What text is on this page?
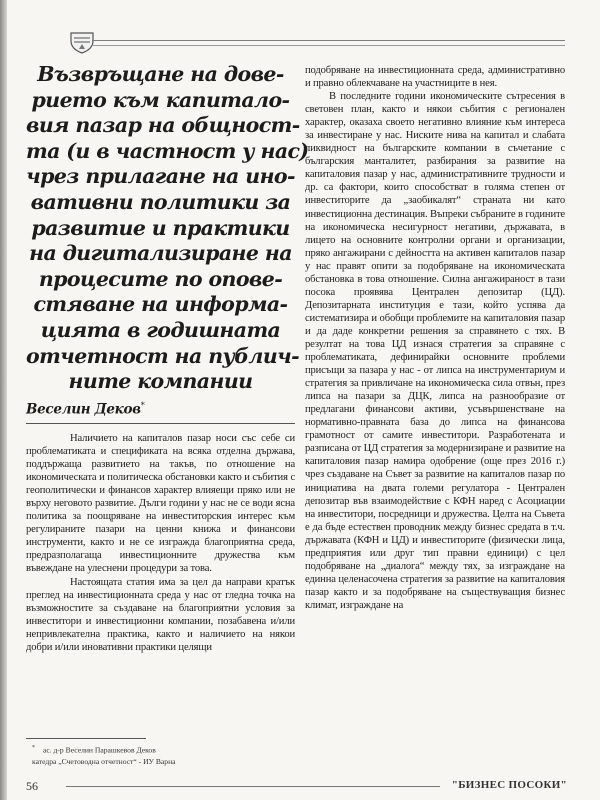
Възвръщане на дове-
рието към капитало-
вия пазар на общност-
та (и в частност у нас)
чрез прилагане на ино-
вативни политики за
развитие и практики
на дигитализиране на
процесите по опове-
стяване на информа-
цията в годишната
отчетност на публич-
ните компании
Веселин Деков*

Наличието на капиталов пазар носи със себе си проблематиката и спецификата на всяка отделна държава, поддържаща развитието на такъв, по отношение на икономическата и политическа обстановки както и събития с геополитически и финансов характер влияещи пряко или не върху неговото развитие. Дълги години у нас не се води ясна политика за поощряване на инвеститорския интерес към регулираните пазари на ценни книжа и финансови инструменти, както и не се изгражда благоприятна среда, предразполагаща инвестиционните дружества към въвеждане на улеснени процедури за това.

Настоящата статия има за цел да направи кратък преглед на инвестиционната среда у нас от гледна точка на възможностите за създаване на благоприятни условия за инвеститори и инвестиционни компании, позабавена и/или непривлекателна практика, както и наличието на някои добри и/или иновативни практики целящи

подобряване на инвестиционната среда, административно и правно облекчаване на участниците в нея.

В последните години икономическите сътресения в световен план, както и някои събития с регионален характер, оказаха своето негативно влияние към интереса за инвестиране у нас. Ниските нива на капитал и слабата ликвидност на българските компании в съчетание с българския манталитет, разбирания за развитие на капиталовия пазар у нас, административните трудности и др. са фактори, които способстват в голяма степен от инвеститорите да „заобикалят“ страната ни като инвестиционна дестинация. Въпреки събраните в годините на икономическа несигурност негативи, държавата, в лицето на основните контролни органи и организации, пряко ангажирани с дейността на активен капиталов пазар у нас правят опити за подобряване на икономическата обстановка в това отношение. Силна ангажираност в тази посока проявява Централен депозитар (ЦД). Депозитарната институция е тази, който успява да систематизира и обобщи проблемите на капиталовия пазар и да даде конкретни решения за справянето с тях. В резултат на това ЦД изнася стратегия за справяне с проблематиката, дефинирайки основните проблеми присъщи за пазара у нас - от липса на инструментариум и стратегия за привличане на икономическа сила отвън, през липса на пазари за ДЦК, липса на разнообразие от предлагани финансови активи, усъвършенстване на нормативно-правната база до липса на финансова грамотност от самите инвеститори. Разработената и разписана от ЦД стратегия за модернизиране и развитие на капиталовия пазар намира одобрение (още през 2016 г.) чрез създаване на Съвет за развитие на капиталов пазар по инициатива на двата големи регулатора - Централен депозитар във взаимодействие с КФН наред с Асоциации на инвеститори, посредници и дружества. Целта на Съвета е да бъде естествен проводник между бизнес средата в т.ч. държавата (КФН и ЦД) и инвеститорите (физически лица, предприятия или друг тип правни единици) с цел подобряване на „диалога“ между тях, за изграждане на единна целенасочена стратегия за развитие на капиталовия пазар както и за подобряване на съществуващия бизнес климат, изграждане на

* ас. д-р Веселин Парашкевов Деков
катедра „Счетоводна отчетност“ - ИУ Варна
56	"БИЗНЕС ПОСОКИ"
